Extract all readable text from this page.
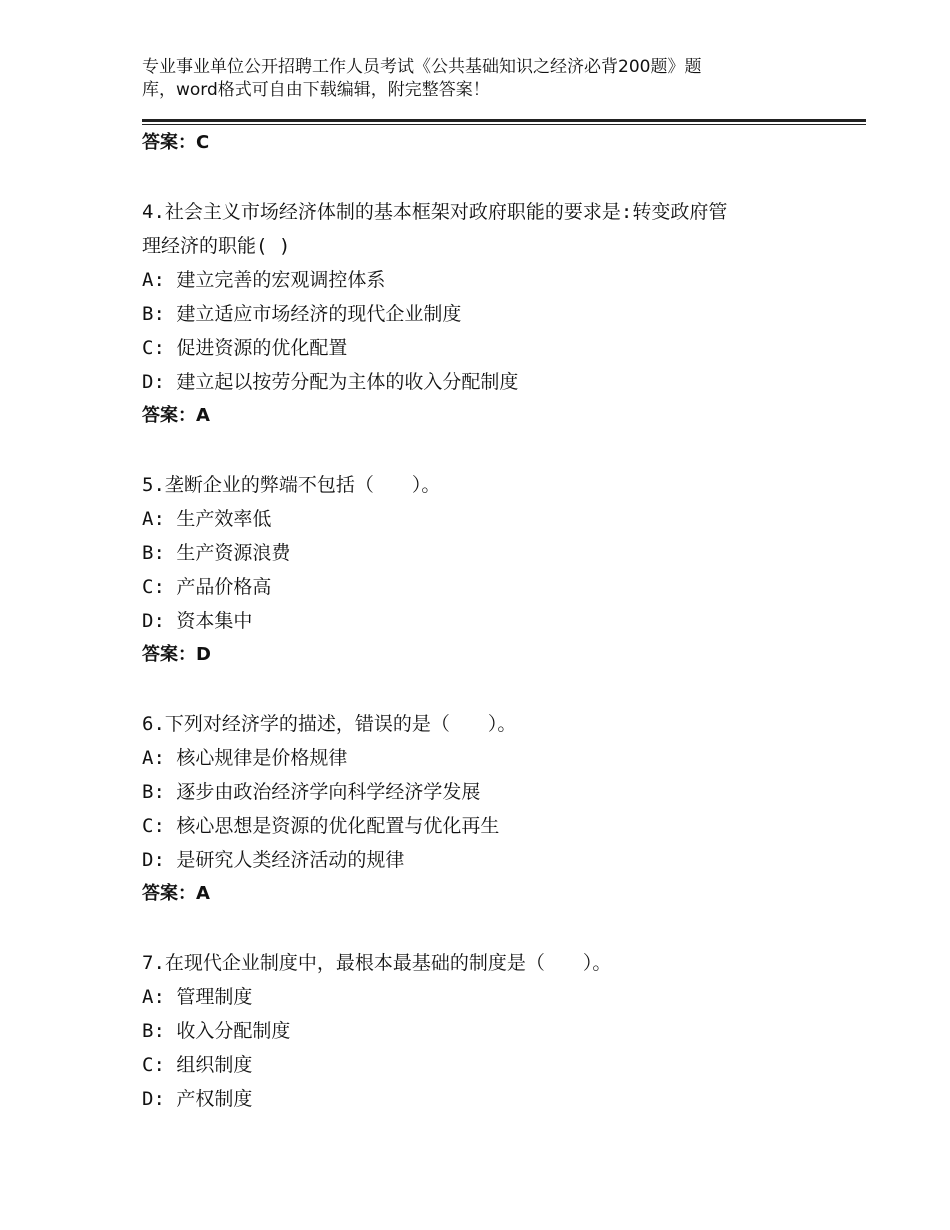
专业事业单位公开招聘工作人员考试《公共基础知识之经济必背200题》题
库，word格式可自由下载编辑，附完整答案！
答案：C
4.社会主义市场经济体制的基本框架对政府职能的要求是:转变政府管
理经济的职能( )
A: 建立完善的宏观调控体系
B: 建立适应市场经济的现代企业制度
C: 促进资源的优化配置
D: 建立起以按劳分配为主体的收入分配制度
答案：A
5.垄断企业的弊端不包括（　　）。
A: 生产效率低
B: 生产资源浪费
C: 产品价格高
D: 资本集中
答案：D
6.下列对经济学的描述，错误的是（　　）。
A: 核心规律是价格规律
B: 逐步由政治经济学向科学经济学发展
C: 核心思想是资源的优化配置与优化再生
D: 是研究人类经济活动的规律
答案：A
7.在现代企业制度中，最根本最基础的制度是（　　）。
A: 管理制度
B: 收入分配制度
C: 组织制度
D: 产权制度
